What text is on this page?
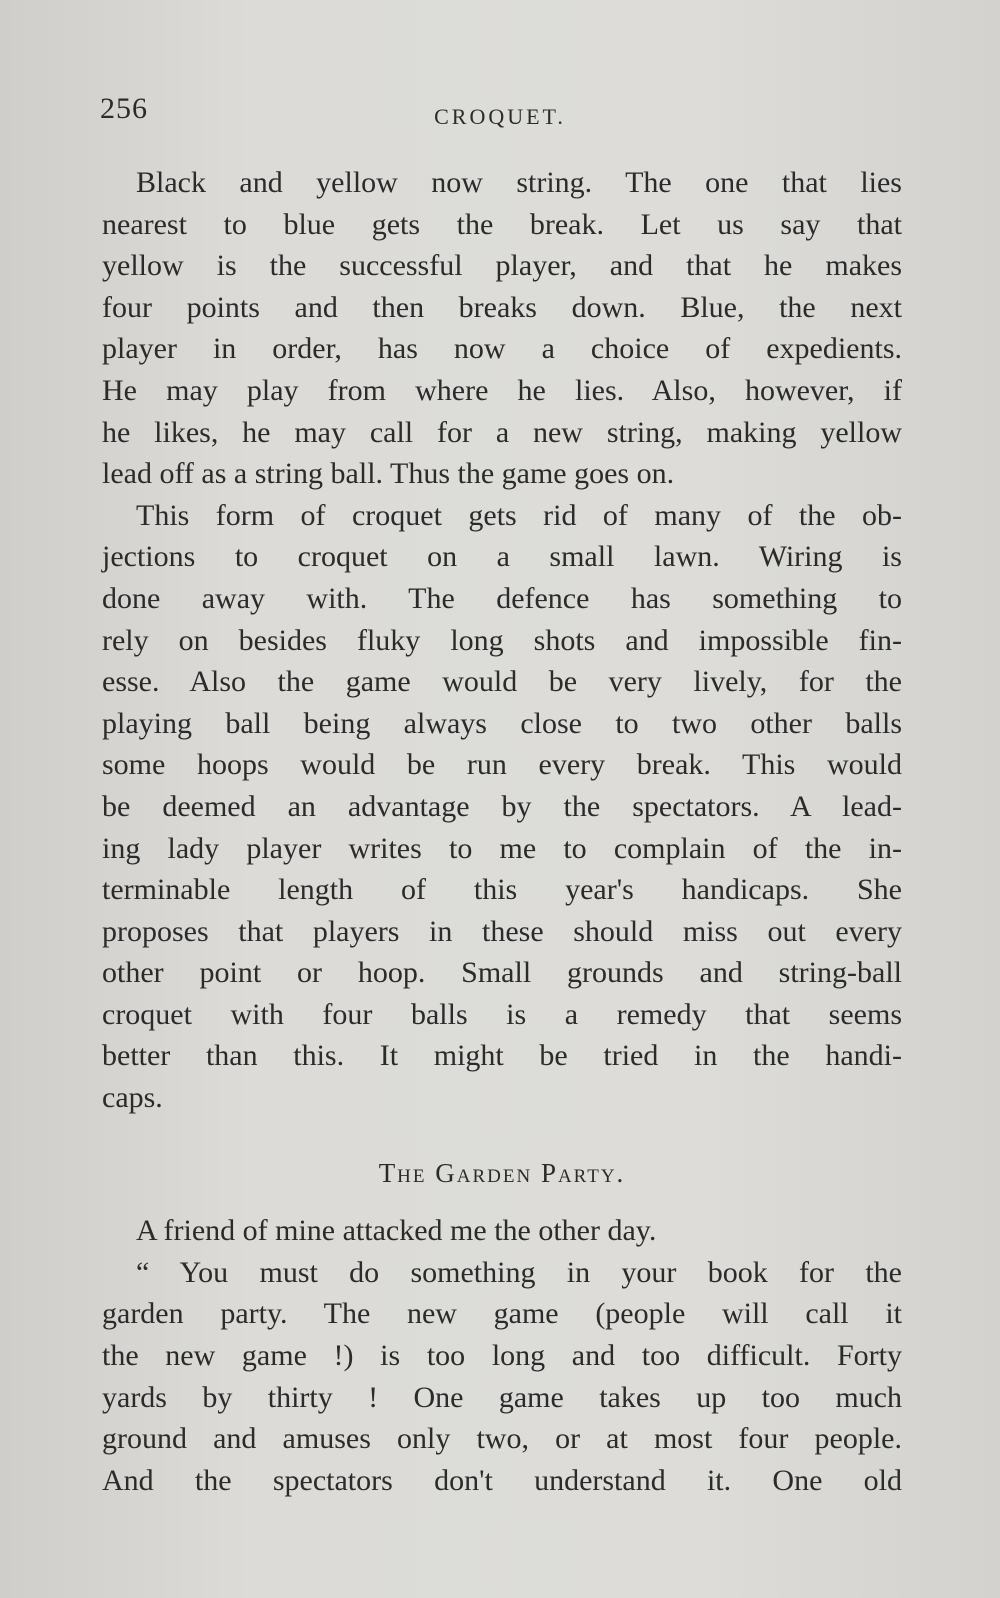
256	CROQUET.

Black and yellow now string. The one that lies
nearest to blue gets the break. Let us say that
yellow is the successful player, and that he makes
four points and then breaks down. Blue, the next
player in order, has now a choice of expedients.
He may play from where he lies. Also, however, if
he likes, he may call for a new string, making yellow
lead off as a string ball. Thus the game goes on.

This form of croquet gets rid of many of the ob-
jections to croquet on a small lawn. Wiring is
done away with. The defence has something to
rely on besides fluky long shots and impossible fin-
esse. Also the game would be very lively, for the
playing ball being always close to two other balls
some hoops would be run every break. This would
be deemed an advantage by the spectators. A lead-
ing lady player writes to me to complain of the in-
terminable length of this year's handicaps. She
proposes that players in these should miss out every
other point or hoop. Small grounds and string-ball
croquet with four balls is a remedy that seems
better than this. It might be tried in the handi-
caps.

The Garden Party.

A friend of mine attacked me the other day.

“ You must do something in your book for the
garden party. The new game (people will call it
the new game !) is too long and too difficult. Forty
yards by thirty ! One game takes up too much
ground and amuses only two, or at most four people.
And the spectators don't understand it. One old
